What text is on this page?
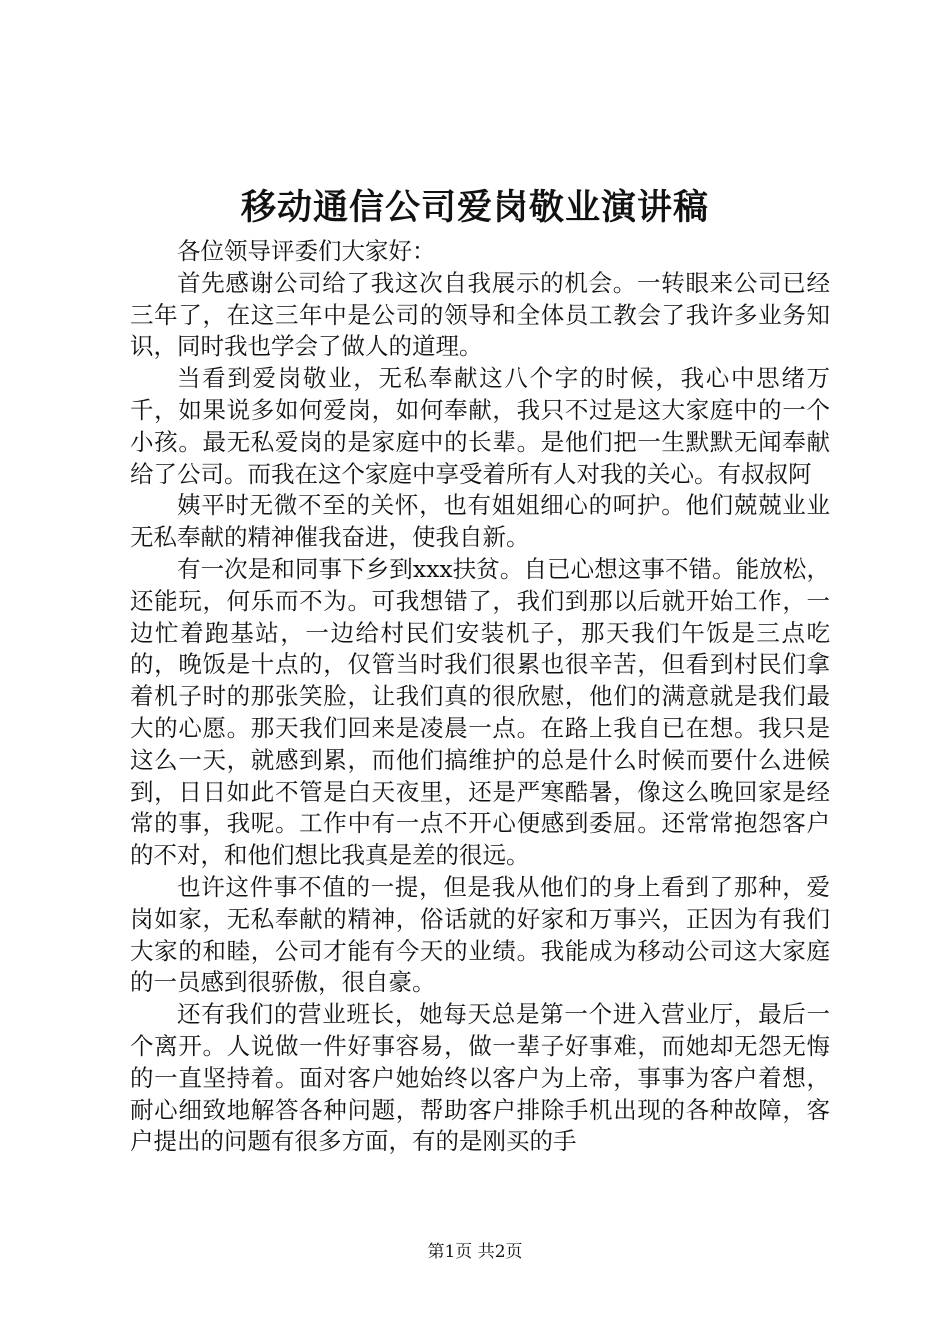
移动通信公司爱岗敬业演讲稿

各位领导评委们大家好：

首先感谢公司给了我这次自我展示的机会。一转眼来公司已经三年了，在这三年中是公司的领导和全体员工教会了我许多业务知识，同时我也学会了做人的道理。

当看到爱岗敬业，无私奉献这八个字的时候，我心中思绪万千，如果说多如何爱岗，如何奉献，我只不过是这大家庭中的一个小孩。最无私爱岗的是家庭中的长辈。是他们把一生默默无闻奉献给了公司。而我在这个家庭中享受着所有人对我的关心。有叔叔阿

姨平时无微不至的关怀，也有姐姐细心的呵护。他们兢兢业业无私奉献的精神催我奋进，使我自新。

有一次是和同事下乡到xxx扶贫。自已心想这事不错。能放松，还能玩，何乐而不为。可我想错了，我们到那以后就开始工作，一边忙着跑基站，一边给村民们安装机子，那天我们午饭是三点吃的，晚饭是十点的，仅管当时我们很累也很辛苦，但看到村民们拿着机子时的那张笑脸，让我们真的很欣慰，他们的满意就是我们最大的心愿。那天我们回来是凌晨一点。在路上我自已在想。我只是这么一天，就感到累，而他们搞维护的总是什么时候而要什么进候到，日日如此不管是白天夜里，还是严寒酷暑，像这么晚回家是经常的事，我呢。工作中有一点不开心便感到委屈。还常常抱怨客户的不对，和他们想比我真是差的很远。

也许这件事不值的一提，但是我从他们的身上看到了那种，爱岗如家，无私奉献的精神，俗话就的好家和万事兴，正因为有我们大家的和睦，公司才能有今天的业绩。我能成为移动公司这大家庭的一员感到很骄傲，很自豪。

还有我们的营业班长，她每天总是第一个进入营业厅，最后一个离开。人说做一件好事容易，做一辈子好事难，而她却无怨无悔的一直坚持着。面对客户她始终以客户为上帝，事事为客户着想，耐心细致地解答各种问题，帮助客户排除手机出现的各种故障，客户提出的问题有很多方面，有的是刚买的手

第1页 共2页
